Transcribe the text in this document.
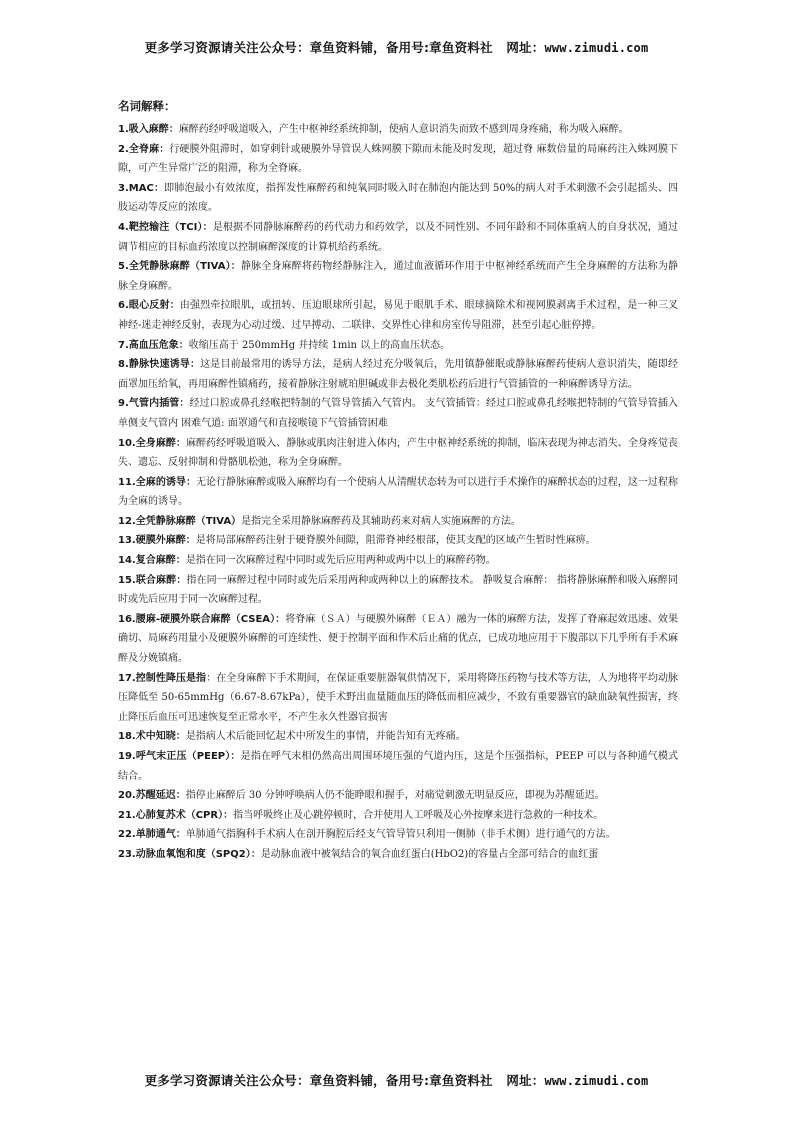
更多学习资源请关注公众号：章鱼资料铺，备用号:章鱼资料社 网址：www.zimudi.com
名词解释：

1.吸入麻醉：麻醉药经呼吸道吸入，产生中枢神经系统抑制，使病人意识消失而致不感到周身疼痛，称为吸入麻醉。

2.全脊麻：行硬膜外阻滞时，如穿刺针或硬膜外导管误人蛛网膜下隙而未能及时发现，超过脊 麻数倍量的局麻药注入蛛网膜下隙，可产生异常广泛的阻滞，称为全脊麻。

3.MAC：即肺泡最小有效浓度，指挥发性麻醉药和纯氧同时吸入时在肺泡内能达到 50%的病人对手术刺激不会引起摇头、四肢运动等反应的浓度。

4.靶控输注（TCI）：是根据不同静脉麻醉药的药代动力和药效学，以及不同性别、不同年龄和不同体重病人的自身状况，通过调节相应的目标血药浓度以控制麻醉深度的计算机给药系统。

5.全凭静脉麻醉（TIVA）：静脉全身麻醉将药物经静脉注入，通过血液循环作用于中枢神经系统而产生全身麻醉的方法称为静脉全身麻醉。

6.眼心反射：由强烈牵拉眼肌，或扭转、压迫眼球所引起，易见于眼肌手术、眼球摘除术和视网膜剥离手术过程，是一种三叉神经-迷走神经反射，表现为心动过缓、过早搏动、二联律、交界性心律和房室传导阻滞，甚至引起心脏停搏。

7.高血压危象：收缩压高于 250mmHg 并持续 1min 以上的高血压状态。

8.静脉快速诱导：这是目前最常用的诱导方法，是病人经过充分吸氧后，先用镇静催眠或静脉麻醉药使病人意识消失，随即经面罩加压给氧，再用麻醉性镇痛药，接着静脉注射琥珀胆碱或非去极化类肌松药后进行气管插管的一种麻醉诱导方法。

9.气管内插管：经过口腔或鼻孔经喉把特制的气管导管插入气管内。 支气管插管：经过口腔或鼻孔经喉把特制的气管导管插入单侧支气管内 困难气道: 面罩通气和直接喉镜下气管插管困难

10.全身麻醉：麻醉药经呼吸道吸入、静脉或肌肉注射进入体内，产生中枢神经系统的抑制，临床表现为神志消失、全身疼觉丧失、遗忘、反射抑制和骨骼肌松弛，称为全身麻醉。

11.全麻的诱导：无论行静脉麻醉或吸入麻醉均有一个使病人从清醒状态转为可以进行手术操作的麻醉状态的过程，这一过程称为全麻的诱导。

12.全凭静脉麻醉（TIVA）是指完全采用静脉麻醉药及其辅助药来对病人实施麻醉的方法。

13.硬膜外麻醉：是将局部麻醉药注射于硬脊膜外间隙，阻滞脊神经根部，使其支配的区域产生暂时性麻痹。

14.复合麻醉：是指在同一次麻醉过程中同时或先后应用两种或两中以上的麻醉药物。

15.联合麻醉：指在同一麻醉过程中同时或先后采用两种或两种以上的麻醉技术。 静吸复合麻醉： 指将静脉麻醉和吸入麻醉同时或先后应用于同一次麻醉过程。

16.腰麻-硬膜外联合麻醉（CSEA）：将脊麻（ＳＡ）与硬膜外麻醉（ＥＡ）融为一体的麻醉方法，发挥了脊麻起效迅速、效果确切、局麻药用量小及硬膜外麻醉的可连续性、便于控制平面和作术后止痛的优点，已成功地应用于下腹部以下几乎所有手术麻醉及分娩镇痛。

17.控制性降压是指：在全身麻醉下手术期间，在保证重要脏器氧供情况下，采用将降压药物与技术等方法，人为地将平均动脉压降低至 50-65mmHg（6.67-8.67kPa），使手术野出血量随血压的降低而相应减少，不致有重要器官的缺血缺氧性损害，终止降压后血压可迅速恢复至正常水平，不产生永久性器官损害

18.术中知晓：是指病人术后能回忆起术中所发生的事情，并能告知有无疼痛。

19.呼气末正压（PEEP）：是指在呼气末相仍然高出周围环境压强的气道内压，这是个压强指标，PEEP 可以与各种通气模式结合。

20.苏醒延迟：指停止麻醉后 30 分钟呼唤病人仍不能睁眼和握手，对痛觉刺激无明显反应，即视为苏醒延迟。

21.心肺复苏术（CPR）：指当呼吸终止及心跳停顿时，合并使用人工呼吸及心外按摩来进行急救的一种技术。

22.单肺通气：单肺通气指胸科手术病人在剖开胸腔后经支气管导管只利用一侧肺（非手术侧）进行通气的方法。

23.动脉血氧饱和度（SPQ2）：是动脉血液中被氧结合的氧合血红蛋白(HbO2)的容量占全部可结合的血红蛋

更多学习资源请关注公众号：章鱼资料铺，备用号:章鱼资料社 网址：www.zimudi.com
